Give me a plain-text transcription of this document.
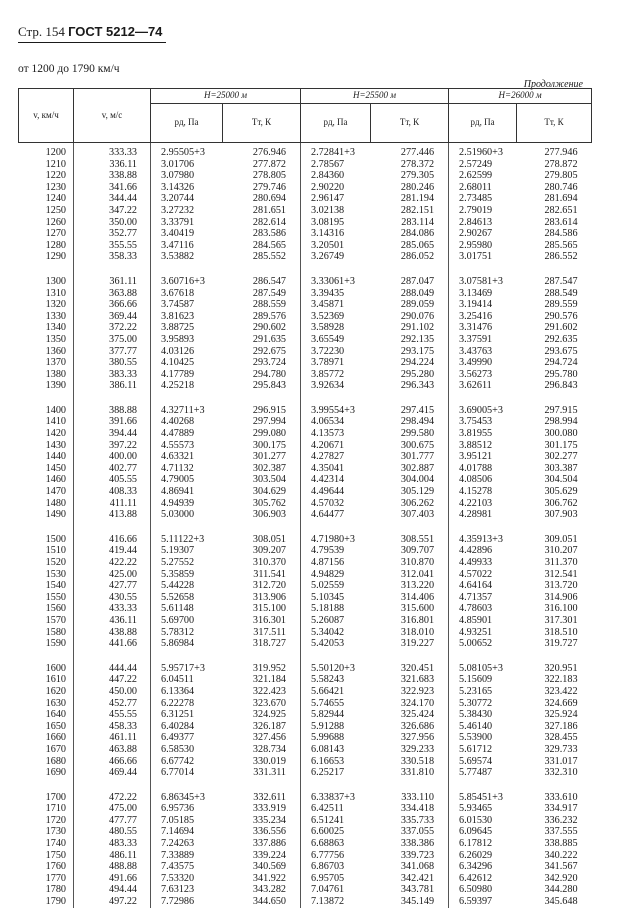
Стр. 154 ГОСТ 5212—74
от 1200 до 1790 км/ч
Продолжение
v, км/ч	v, м/с	Н=25000 м		Н=25500 м		Н=26000 м	
		pд, Па	Тт, К	pд, Па	Тт, К	pд, Па	Тт, К
1200	333.33	2.95505+3	276.946	2.72841+3	277.446	2.51960+3	277.946
1210	336.11	3.01706	277.872	2.78567	278.372	2.57249	278.872
1220	338.88	3.07980	278.805	2.84360	279.305	2.62599	279.805
1230	341.66	3.14326	279.746	2.90220	280.246	2.68011	280.746
1240	344.44	3.20744	280.694	2.96147	281.194	2.73485	281.694
1250	347.22	3.27232	281.651	3.02138	282.151	2.79019	282.651
1260	350.00	3.33791	282.614	3.08195	283.114	2.84613	283.614
1270	352.77	3.40419	283.586	3.14316	284.086	2.90267	284.586
1280	355.55	3.47116	284.565	3.20501	285.065	2.95980	285.565
1290	358.33	3.53882	285.552	3.26749	286.052	3.01751	286.552

1300	361.11	3.60716+3	286.547	3.33061+3	287.047	3.07581+3	287.547
1310	363.88	3.67618	287.549	3.39435	288.049	3.13469	288.549
1320	366.66	3.74587	288.559	3.45871	289.059	3.19414	289.559
1330	369.44	3.81623	289.576	3.52369	290.076	3.25416	290.576
1340	372.22	3.88725	290.602	3.58928	291.102	3.31476	291.602
1350	375.00	3.95893	291.635	3.65549	292.135	3.37591	292.635
1360	377.77	4.03126	292.675	3.72230	293.175	3.43763	293.675
1370	380.55	4.10425	293.724	3.78971	294.224	3.49990	294.724
1380	383.33	4.17789	294.780	3.85772	295.280	3.56273	295.780
1390	386.11	4.25218	295.843	3.92634	296.343	3.62611	296.843

1400	388.88	4.32711+3	296.915	3.99554+3	297.415	3.69005+3	297.915
1410	391.66	4.40268	297.994	4.06534	298.494	3.75453	298.994
1420	394.44	4.47889	299.080	4.13573	299.580	3.81955	300.080
1430	397.22	4.55573	300.175	4.20671	300.675	3.88512	301.175
1440	400.00	4.63321	301.277	4.27827	301.777	3.95121	302.277
1450	402.77	4.71132	302.387	4.35041	302.887	4.01788	303.387
1460	405.55	4.79005	303.504	4.42314	304.004	4.08506	304.504
1470	408.33	4.86941	304.629	4.49644	305.129	4.15278	305.629
1480	411.11	4.94939	305.762	4.57032	306.262	4.22103	306.762
1490	413.88	5.03000	306.903	4.64477	307.403	4.28981	307.903

1500	416.66	5.11122+3	308.051	4.71980+3	308.551	4.35913+3	309.051
1510	419.44	5.19307	309.207	4.79539	309.707	4.42896	310.207
1520	422.22	5.27552	310.370	4.87156	310.870	4.49933	311.370
1530	425.00	5.35859	311.541	4.94829	312.041	4.57022	312.541
1540	427.77	5.44228	312.720	5.02559	313.220	4.64164	313.720
1550	430.55	5.52658	313.906	5.10345	314.406	4.71357	314.906
1560	433.33	5.61148	315.100	5.18188	315.600	4.78603	316.100
1570	436.11	5.69700	316.301	5.26087	316.801	4.85901	317.301
1580	438.88	5.78312	317.511	5.34042	318.010	4.93251	318.510
1590	441.66	5.86984	318.727	5.42053	319.227	5.00652	319.727

1600	444.44	5.95717+3	319.952	5.50120+3	320.451	5.08105+3	320.951
1610	447.22	6.04511	321.184	5.58243	321.683	5.15609	322.183
1620	450.00	6.13364	322.423	5.66421	322.923	5.23165	323.422
1630	452.77	6.22278	323.670	5.74655	324.170	5.30772	324.669
1640	455.55	6.31251	324.925	5.82944	325.424	5.38430	325.924
1650	458.33	6.40284	326.187	5.91288	326.686	5.46140	327.186
1660	461.11	6.49377	327.456	5.99688	327.956	5.53900	328.455
1670	463.88	6.58530	328.734	6.08143	329.233	5.61712	329.733
1680	466.66	6.67742	330.019	6.16653	330.518	5.69574	331.017
1690	469.44	6.77014	331.311	6.25217	331.810	5.77487	332.310

1700	472.22	6.86345+3	332.611	6.33837+3	333.110	5.85451+3	333.610
1710	475.00	6.95736	333.919	6.42511	334.418	5.93465	334.917
1720	477.77	7.05185	335.234	6.51241	335.733	6.01530	336.232
1730	480.55	7.14694	336.556	6.60025	337.055	6.09645	337.555
1740	483.33	7.24263	337.886	6.68863	338.386	6.17812	338.885
1750	486.11	7.33889	339.224	6.77756	339.723	6.26029	340.222
1760	488.88	7.43575	340.569	6.86703	341.068	6.34296	341.567
1770	491.66	7.53320	341.922	6.95705	342.421	6.42612	342.920
1780	494.44	7.63123	343.282	7.04761	343.781	6.50980	344.280
1790	497.22	7.72986	344.650	7.13872	345.149	6.59397	345.648
